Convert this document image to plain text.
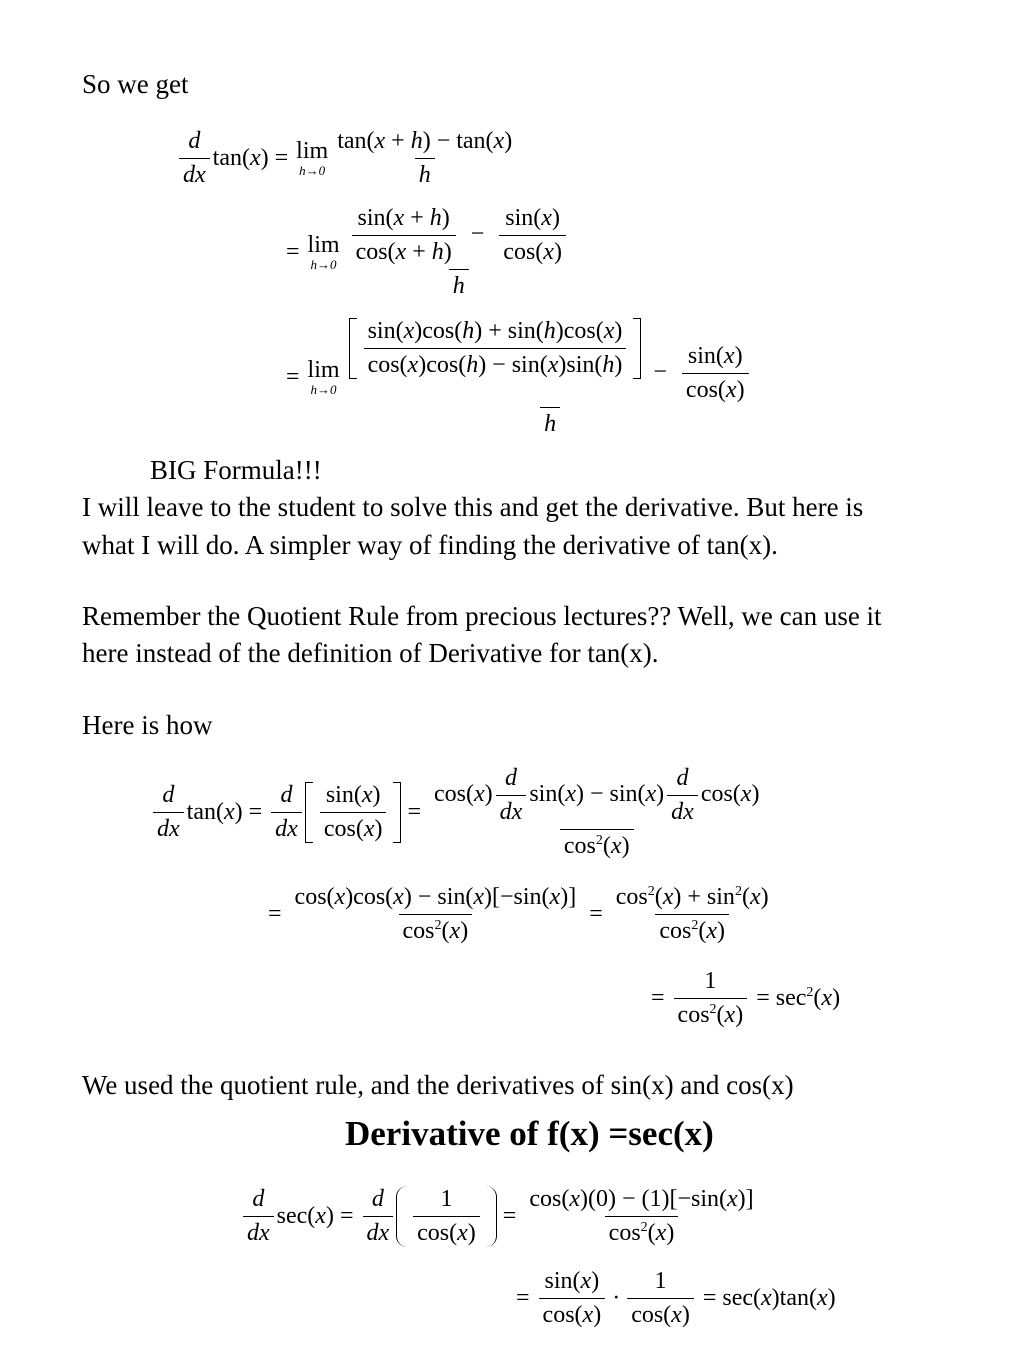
So we get
$\frac{d}{dx} \tan(x) = \lim$
$h\to 0 \frac{\tan(x + h) - \tan(x)}{h}$
= lim
$h\to 0 \frac{\frac{\sin(x + h)}{\cos(x + h)} - \frac{\sin(x)}{\cos(x)}}{h}$
= lim
h→0
$\frac{\sin(x)\cos(h) + \sin(h)\cos(x)}{\cos(x)\cos(h) - \sin(x)\sin(h)} - \frac{\sin(x)}{\cos(x)}$
h
BIG Formula!!!
I will leave to the student to solve this and get the derivative. But here is
what I will do. A simpler way of finding the derivative of tan(x).
Remember the Quotient Rule from precious lectures?? Well, we can use it
here instead of the definition of Derivative for tan(x).
Here is how
$\frac{d}{dx} \tan(x) = \frac{d}{dx} \frac{\sin(x)}{\cos(x)} = \frac{\cos(x) \frac{d}{dx} \sin(x) - \sin(x) \frac{d}{dx} \cos(x)}{\cos^2(x)}$
= $\frac{\cos(x)\cos(x) - \sin(x)[-\sin(x)]}{\cos^2(x)} = \frac{\cos^2(x) + \sin^2(x)}{\cos^2(x)}$
= $\frac{1}{\cos^2(x)} = \sec^2(x)$
We used the quotient rule, and the derivatives of sin(x) and cos(x)
Derivative of f(x) =sec(x)
$\frac{d}{dx} \sec(x) = \frac{d}{dx} \frac{1}{\cos(x)} = \frac{\cos(x)(0) - (1)[-\sin(x)]}{\cos^2(x)}$
= $\frac{\sin(x)}{\cos(x)} \cdot \frac{1}{\cos(x)} = \sec(x)\tan(x)$
